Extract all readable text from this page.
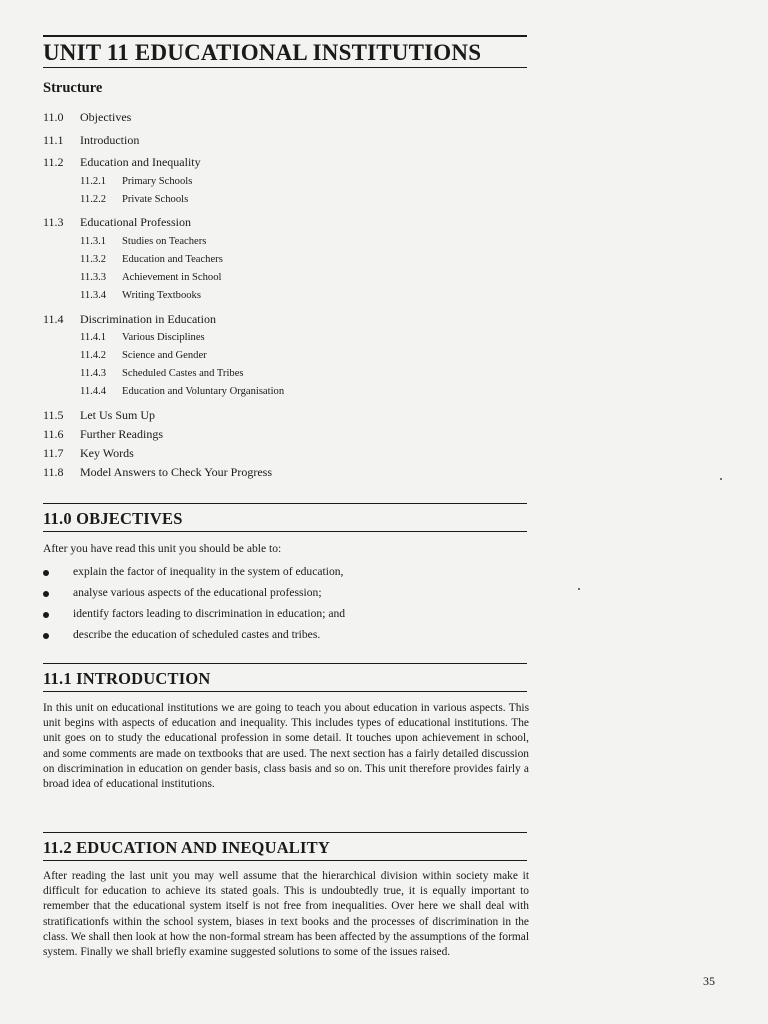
UNIT 11 EDUCATIONAL INSTITUTIONS
Structure
11.0 Objectives
11.1 Introduction
11.2 Education and Inequality
11.2.1 Primary Schools
11.2.2 Private Schools
11.3 Educational Profession
11.3.1 Studies on Teachers
11.3.2 Education and Teachers
11.3.3 Achievement in School
11.3.4 Writing Textbooks
11.4 Discrimination in Education
11.4.1 Various Disciplines
11.4.2 Science and Gender
11.4.3 Scheduled Castes and Tribes
11.4.4 Education and Voluntary Organisation
11.5 Let Us Sum Up
11.6 Further Readings
11.7 Key Words
11.8 Model Answers to Check Your Progress
11.0 OBJECTIVES
After you have read this unit you should be able to:
explain the factor of inequality in the system of education,
analyse various aspects of the educational profession;
identify factors leading to discrimination in education; and
describe the education of scheduled castes and tribes.
11.1 INTRODUCTION

In this unit on educational institutions we are going to teach you about education in various aspects. This unit begins with aspects of education and inequality. This includes types of educational institutions. The unit goes on to study the educational profession in some detail. It touches upon achievement in school, and some comments are made on textbooks that are used. The next section has a fairly detailed discussion on discrimination in education on gender basis, class basis and so on. This unit therefore provides fairly a broad idea of educational institutions.

11.2 EDUCATION AND INEQUALITY

After reading the last unit you may well assume that the hierarchical division within society make it difficult for education to achieve its stated goals. This is undoubtedly true, it is equally important to remember that the educational system itself is not free from inequalities. Over here we shall deal with stratificationfs within the school system, biases in text books and the processes of discrimination in the class. We shall then look at how the non-formal stream has been affected by the assumptions of the formal system. Finally we shall briefly examine suggested solutions to some of the issues raised.

35
